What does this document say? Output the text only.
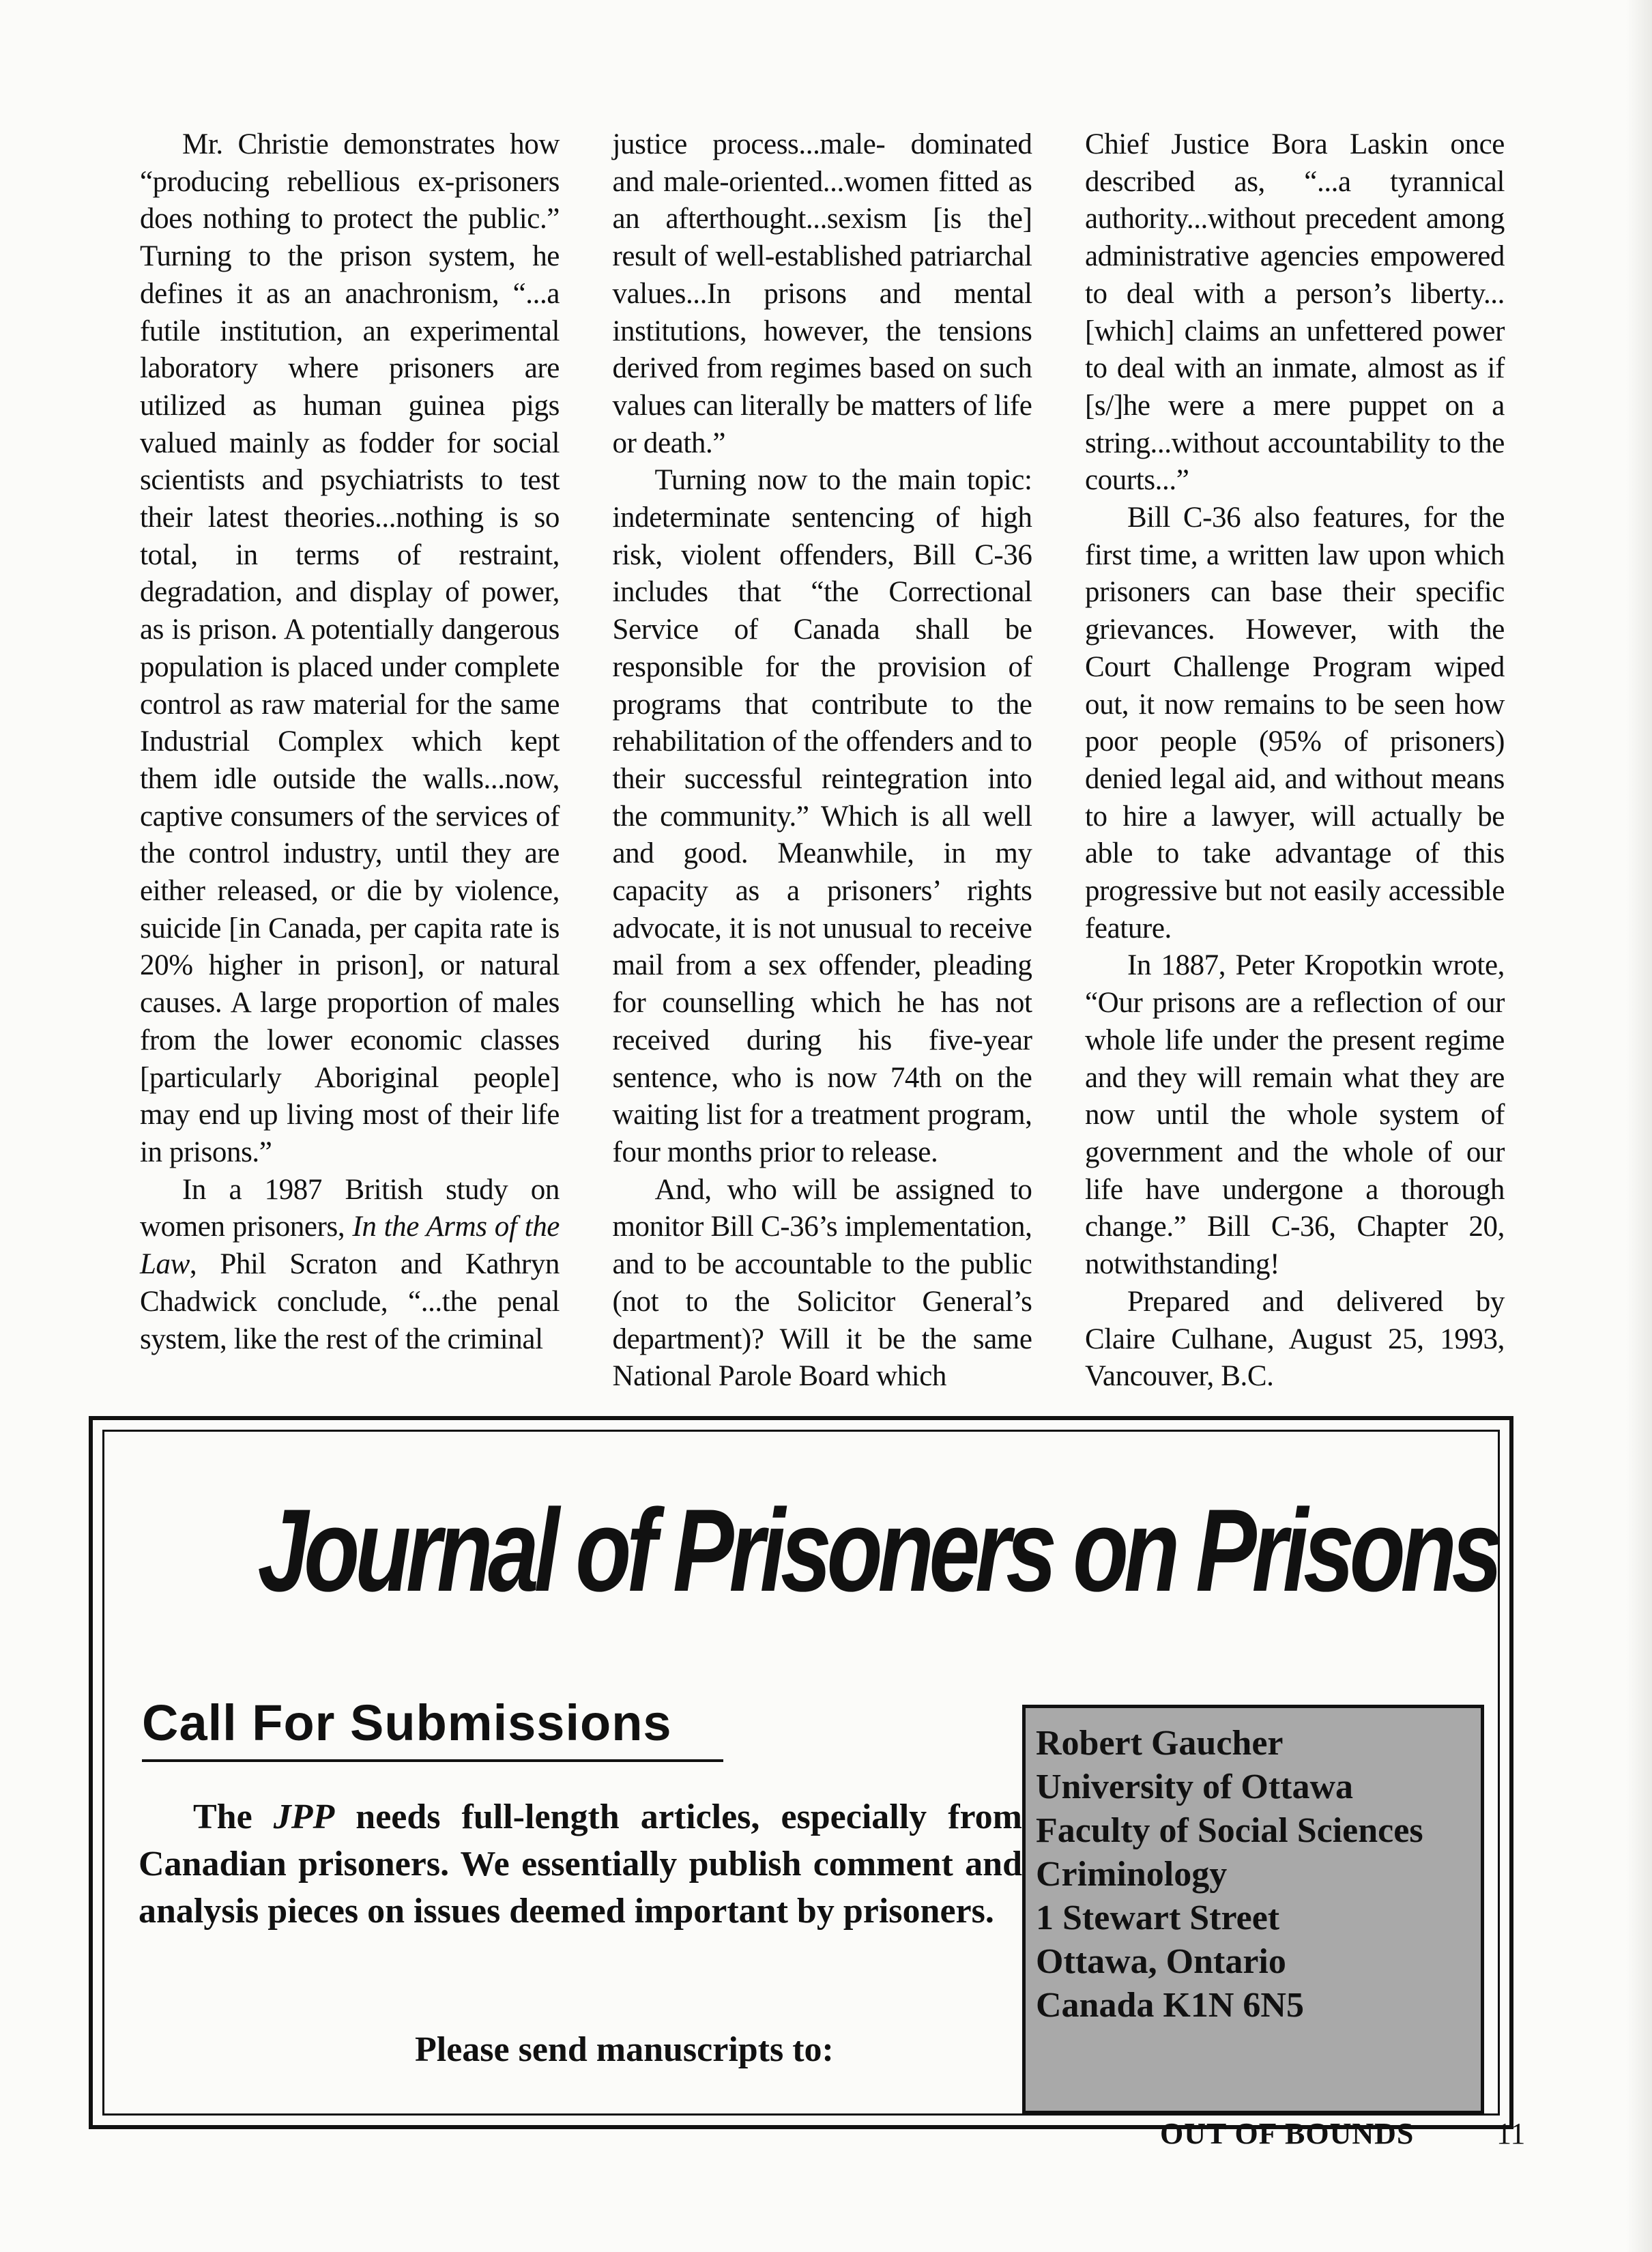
Mr. Christie demonstrates how “producing rebellious ex-prisoners does nothing to protect the public.” Turning to the prison system, he defines it as an anachronism, “...a futile institution, an experimental laboratory where prisoners are utilized as human guinea pigs valued mainly as fodder for social scientists and psychiatrists to test their latest theories...nothing is so total, in terms of restraint, degradation, and display of power, as is prison. A potentially dangerous population is placed under complete control as raw material for the same Industrial Complex which kept them idle outside the walls...now, captive consumers of the services of the control industry, until they are either released, or die by violence, suicide [in Canada, per capita rate is 20% higher in prison], or natural causes. A large proportion of males from the lower economic classes [particularly Aboriginal people] may end up living most of their life in prisons.”

In a 1987 British study on women prisoners, In the Arms of the Law, Phil Scraton and Kathryn Chadwick conclude, “...the penal system, like the rest of the criminal

justice process...male- dominated and male-oriented...women fitted as an afterthought...sexism [is the] result of well-established patriarchal values...In prisons and mental institutions, however, the tensions derived from regimes based on such values can literally be matters of life or death.”

Turning now to the main topic: indeterminate sentencing of high risk, violent offenders, Bill C-36 includes that “the Correctional Service of Canada shall be responsible for the provision of programs that contribute to the rehabilitation of the offenders and to their successful reintegration into the community.” Which is all well and good. Meanwhile, in my capacity as a prisoners’ rights advocate, it is not unusual to receive mail from a sex offender, pleading for counselling which he has not received during his five-year sentence, who is now 74th on the waiting list for a treatment program, four months prior to release.

And, who will be assigned to monitor Bill C-36’s implementation, and to be accountable to the public (not to the Solicitor General’s department)? Will it be the same National Parole Board which

Chief Justice Bora Laskin once described as, “...a tyrannical authority...without precedent among administrative agencies empowered to deal with a person’s liberty...[which] claims an unfettered power to deal with an inmate, almost as if [s/]he were a mere puppet on a string...without accountability to the courts...”

Bill C-36 also features, for the first time, a written law upon which prisoners can base their specific grievances. However, with the Court Challenge Program wiped out, it now remains to be seen how poor people (95% of prisoners) denied legal aid, and without means to hire a lawyer, will actually be able to take advantage of this progressive but not easily accessible feature.

In 1887, Peter Kropotkin wrote, “Our prisons are a reflection of our whole life under the present regime and they will remain what they are now until the whole system of government and the whole of our life have undergone a thorough change.” Bill C-36, Chapter 20, notwithstanding!

Prepared and delivered by Claire Culhane, August 25, 1993, Vancouver, B.C.

Journal of Prisoners on Prisons
Call For Submissions
The JPP needs full-length articles, especially from Canadian prisoners. We essentially publish comment and analysis pieces on issues deemed important by prisoners.
Please send manuscripts to:
Robert Gaucher
University of Ottawa
Faculty of Social Sciences
Criminology
1 Stewart Street
Ottawa, Ontario
Canada K1N 6N5
OUT OF BOUNDS	11
